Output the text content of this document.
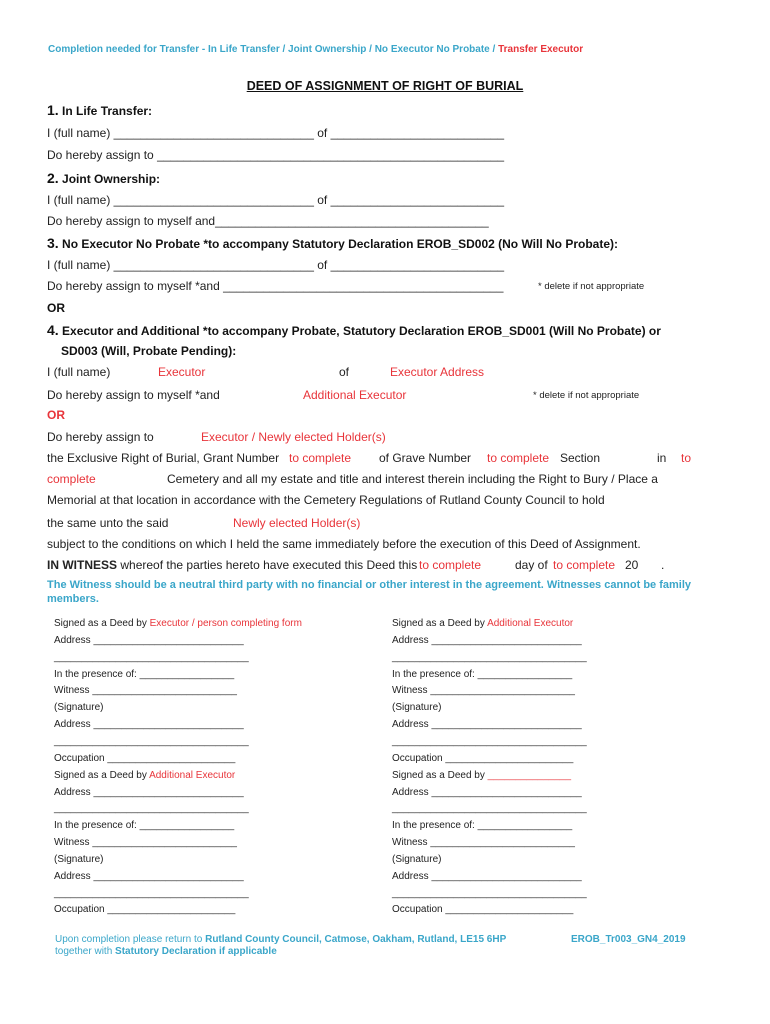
Completion needed for Transfer - In Life Transfer / Joint Ownership / No Executor No Probate / Transfer Executor
DEED OF ASSIGNMENT OF RIGHT OF BURIAL
1. In Life Transfer:
I (full name) ______________________________ of __________________________
Do hereby assign to ____________________________________________________
2. Joint Ownership:
I (full name) ______________________________ of __________________________
Do hereby assign to myself and_________________________________________
3. No Executor No Probate *to accompany Statutory Declaration EROB_SD002 (No Will No Probate):
I (full name) ______________________________ of __________________________
Do hereby assign to myself *and __________________________________________	* delete if not appropriate
OR
4. Executor and Additional *to accompany Probate, Statutory Declaration EROB_SD001 (Will No Probate) or
SD003 (Will, Probate Pending):
I (full name)	Executor	of	Executor Address
Do hereby assign to myself *and	Additional Executor	* delete if not appropriate
OR
Do hereby assign to	Executor / Newly elected Holder(s)
the Exclusive Right of Burial, Grant Number to complete of Grave Number to complete Section	in to
complete	Cemetery and all my estate and title and interest therein including the Right to Bury / Place a
Memorial at that location in accordance with the Cemetery Regulations of Rutland County Council to hold
the same unto the said	Newly elected Holder(s)
subject to the conditions on which I held the same immediately before the execution of this Deed of Assignment.
IN WITNESS whereof the parties hereto have executed this Deed this to complete	day of to complete 20 .
The Witness should be a neutral third party with no financial or other interest in the agreement. Witnesses cannot be family members.
Signed as a Deed by Executor / person completing form
Address ___________________________
___________________________________
In the presence of: _________________
Witness __________________________
(Signature)
Address ___________________________
___________________________________
Occupation _______________________
Signed as a Deed by Additional Executor
Address ___________________________
___________________________________
In the presence of: _________________
Witness __________________________
(Signature)
Address ___________________________
___________________________________
Occupation _______________________
Signed as a Deed by Additional Executor
Address ___________________________
___________________________________
In the presence of: _________________
Witness __________________________
(Signature)
Address ___________________________
___________________________________
Occupation _______________________
Signed as a Deed by _______________
Address ___________________________
___________________________________
In the presence of: _________________
Witness __________________________
(Signature)
Address ___________________________
___________________________________
Occupation _______________________
Upon completion please return to Rutland County Council, Catmose, Oakham, Rutland, LE15 6HP
together with Statutory Declaration if applicable
EROB_Tr003_GN4_2019
